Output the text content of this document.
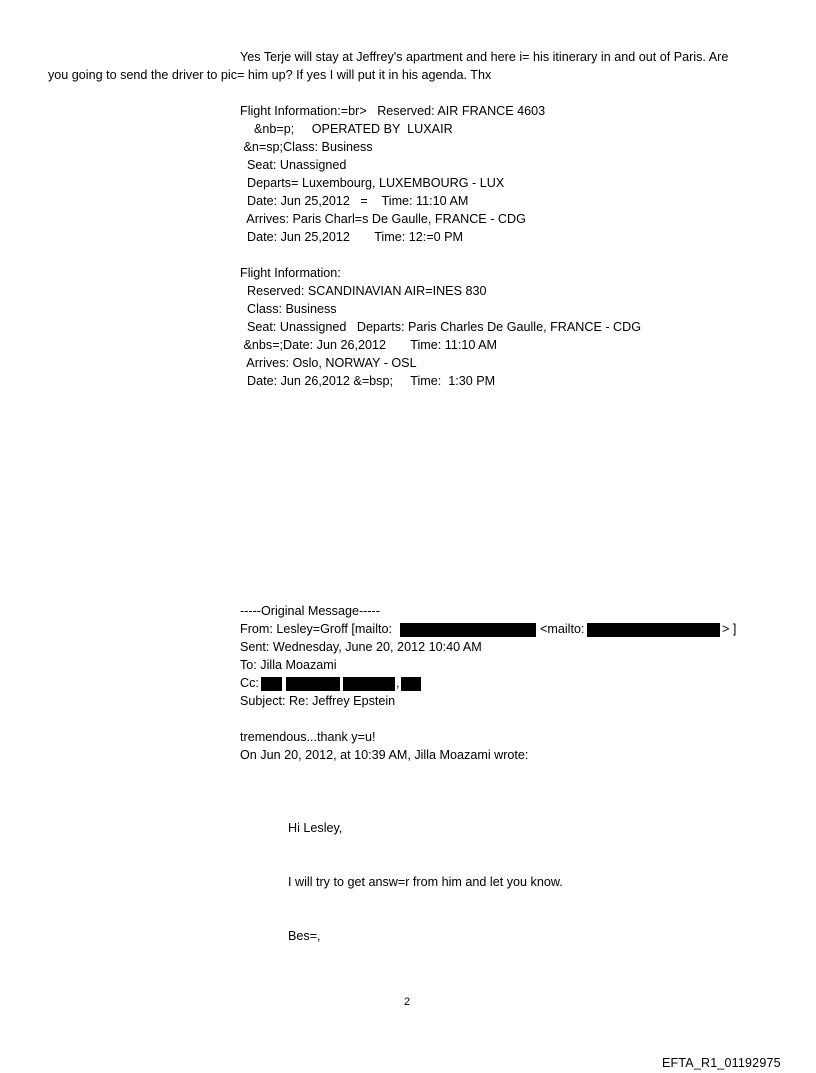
Yes Terje will stay at Jeffrey's apartment and here i= his itinerary in and out of Paris. Are
you going to send the driver to pic= him up? If yes I will put it in his agenda. Thx
Flight Information:=br>   Reserved: AIR FRANCE 4603
&nb=p;     OPERATED BY  LUXAIR
&n=sp;Class: Business
Seat: Unassigned
Departs= Luxembourg, LUXEMBOURG - LUX
Date: Jun 25,2012   =    Time: 11:10 AM
Arrives: Paris Charl=s De Gaulle, FRANCE - CDG
Date: Jun 25,2012       Time: 12:=0 PM
Flight Information:
Reserved: SCANDINAVIAN AIR=INES 830
Class: Business
Seat: Unassigned   Departs: Paris Charles De Gaulle, FRANCE - CDG
&nbs=;Date: Jun 26,2012       Time: 11:10 AM
Arrives: Oslo, NORWAY - OSL
Date: Jun 26,2012 &=bsp;     Time:  1:30 PM
-----Original Message-----
From: Lesley=Groff [mailto:	<mailto:	> ]
Sent: Wednesday, June 20, 2012 10:40 AM
To: Jilla Moazami
Cc:	,
Subject: Re: Jeffrey Epstein
tremendous...thank y=u!
On Jun 20, 2012, at 10:39 AM, Jilla Moazami wrote:
Hi Lesley,
I will try to get answ=r from him and let you know.
Bes=,
2
EFTA_R1_01192975
